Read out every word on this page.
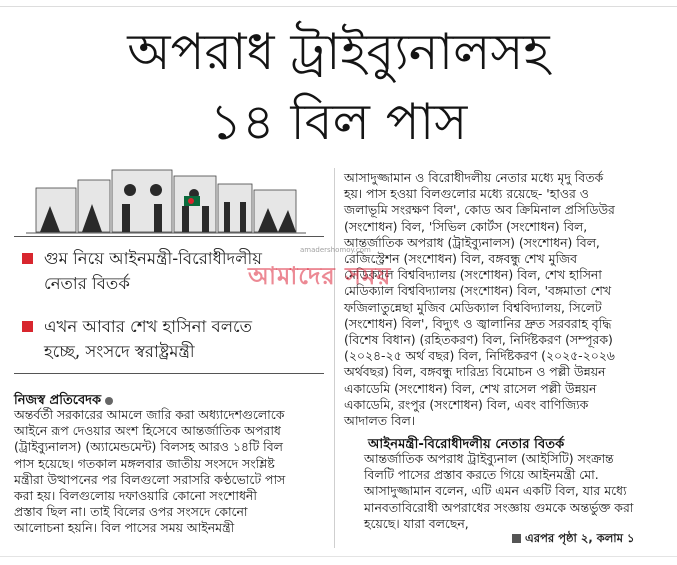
অপরাধ ট্রাইব্যুনালসহ
১৪ বিল পাস
গুম নিয়ে আইনমন্ত্রী-বিরোধীদলীয়
নেতার বিতর্ক
এখন আবার শেখ হাসিনা বলতে
হচ্ছে, সংসদে স্বরাষ্ট্রমন্ত্রী
নিজস্ব প্রতিবেদক
অন্তর্বর্তী সরকারের আমলে জারি করা অধ্যাদেশগুলোকে
আইনে রূপ দেওয়ার অংশ হিসেবে আন্তর্জাতিক অপরাধ
(ট্রাইব্যুনালস) (অ্যামেন্ডমেন্ট) বিলসহ আরও ১৪টি বিল
পাস হয়েছে। গতকাল মঙ্গলবার জাতীয় সংসদে সংশ্লিষ্ট
মন্ত্রীরা উত্থাপনের পর বিলগুলো সরাসরি কণ্ঠভোটে পাস
করা হয়। বিলগুলোয় দফাওয়ারি কোনো সংশোধনী
প্রস্তাব ছিল না। তাই বিলের ওপর সংসদে কোনো
আলোচনা হয়নি। বিল পাসের সময় আইনমন্ত্রী
আসাদুজ্জামান ও বিরোধীদলীয় নেতার মধ্যে মৃদু বিতর্ক
হয়। পাস হওয়া বিলগুলোর মধ্যে রয়েছে- 'হাওর ও
জলাভূমি সংরক্ষণ বিল', কোড অব ক্রিমিনাল প্রসিডিউর
(সংশোধন) বিল, 'সিভিল কোর্টস (সংশোধন) বিল,
আন্তর্জাতিক অপরাধ (ট্রাইব্যুনালস) (সংশোধন) বিল,
রেজিস্ট্রেশন (সংশোধন) বিল, বঙ্গবন্ধু শেখ মুজিব
মেডিক্যাল বিশ্ববিদ্যালয় (সংশোধন) বিল, শেখ হাসিনা
মেডিক্যাল বিশ্ববিদ্যালয় (সংশোধন) বিল, 'বঙ্গমাতা শেখ
ফজিলাতুন্নেছা মুজিব মেডিক্যাল বিশ্ববিদ্যালয়, সিলেট
(সংশোধন) বিল', বিদ্যুৎ ও জ্বালানির দ্রুত সরবরাহ বৃদ্ধি
(বিশেষ বিধান) (রহিতকরণ) বিল, নির্দিষ্টকরণ (সম্পূরক)
(২০২৪-২৫ অর্থ বছর) বিল, নির্দিষ্টকরণ (২০২৫-২০২৬
অর্থবছর) বিল, বঙ্গবন্ধু দারিদ্র্য বিমোচন ও পল্লী উন্নয়ন
একাডেমি (সংশোধন) বিল, শেখ রাসেল পল্লী উন্নয়ন
একাডেমি, রংপুর (সংশোধন) বিল, এবং বাণিজ্যিক
আদালত বিল।
আইনমন্ত্রী-বিরোধীদলীয় নেতার বিতর্ক
আন্তর্জাতিক অপরাধ ট্রাইব্যুনাল (আইসিটি) সংক্রান্ত
বিলটি পাসের প্রস্তাব করতে গিয়ে আইনমন্ত্রী মো.
আসাদুজ্জামান বলেন, এটি এমন একটি বিল, যার মধ্যে
মানবতাবিরোধী অপরাধের সংজ্ঞায় গুমকে অন্তর্ভুক্ত করা
হয়েছে। যারা বলছেন,
amadershomoy.com
আমাদের সময়
এরপর পৃষ্ঠা ২, কলাম ১
